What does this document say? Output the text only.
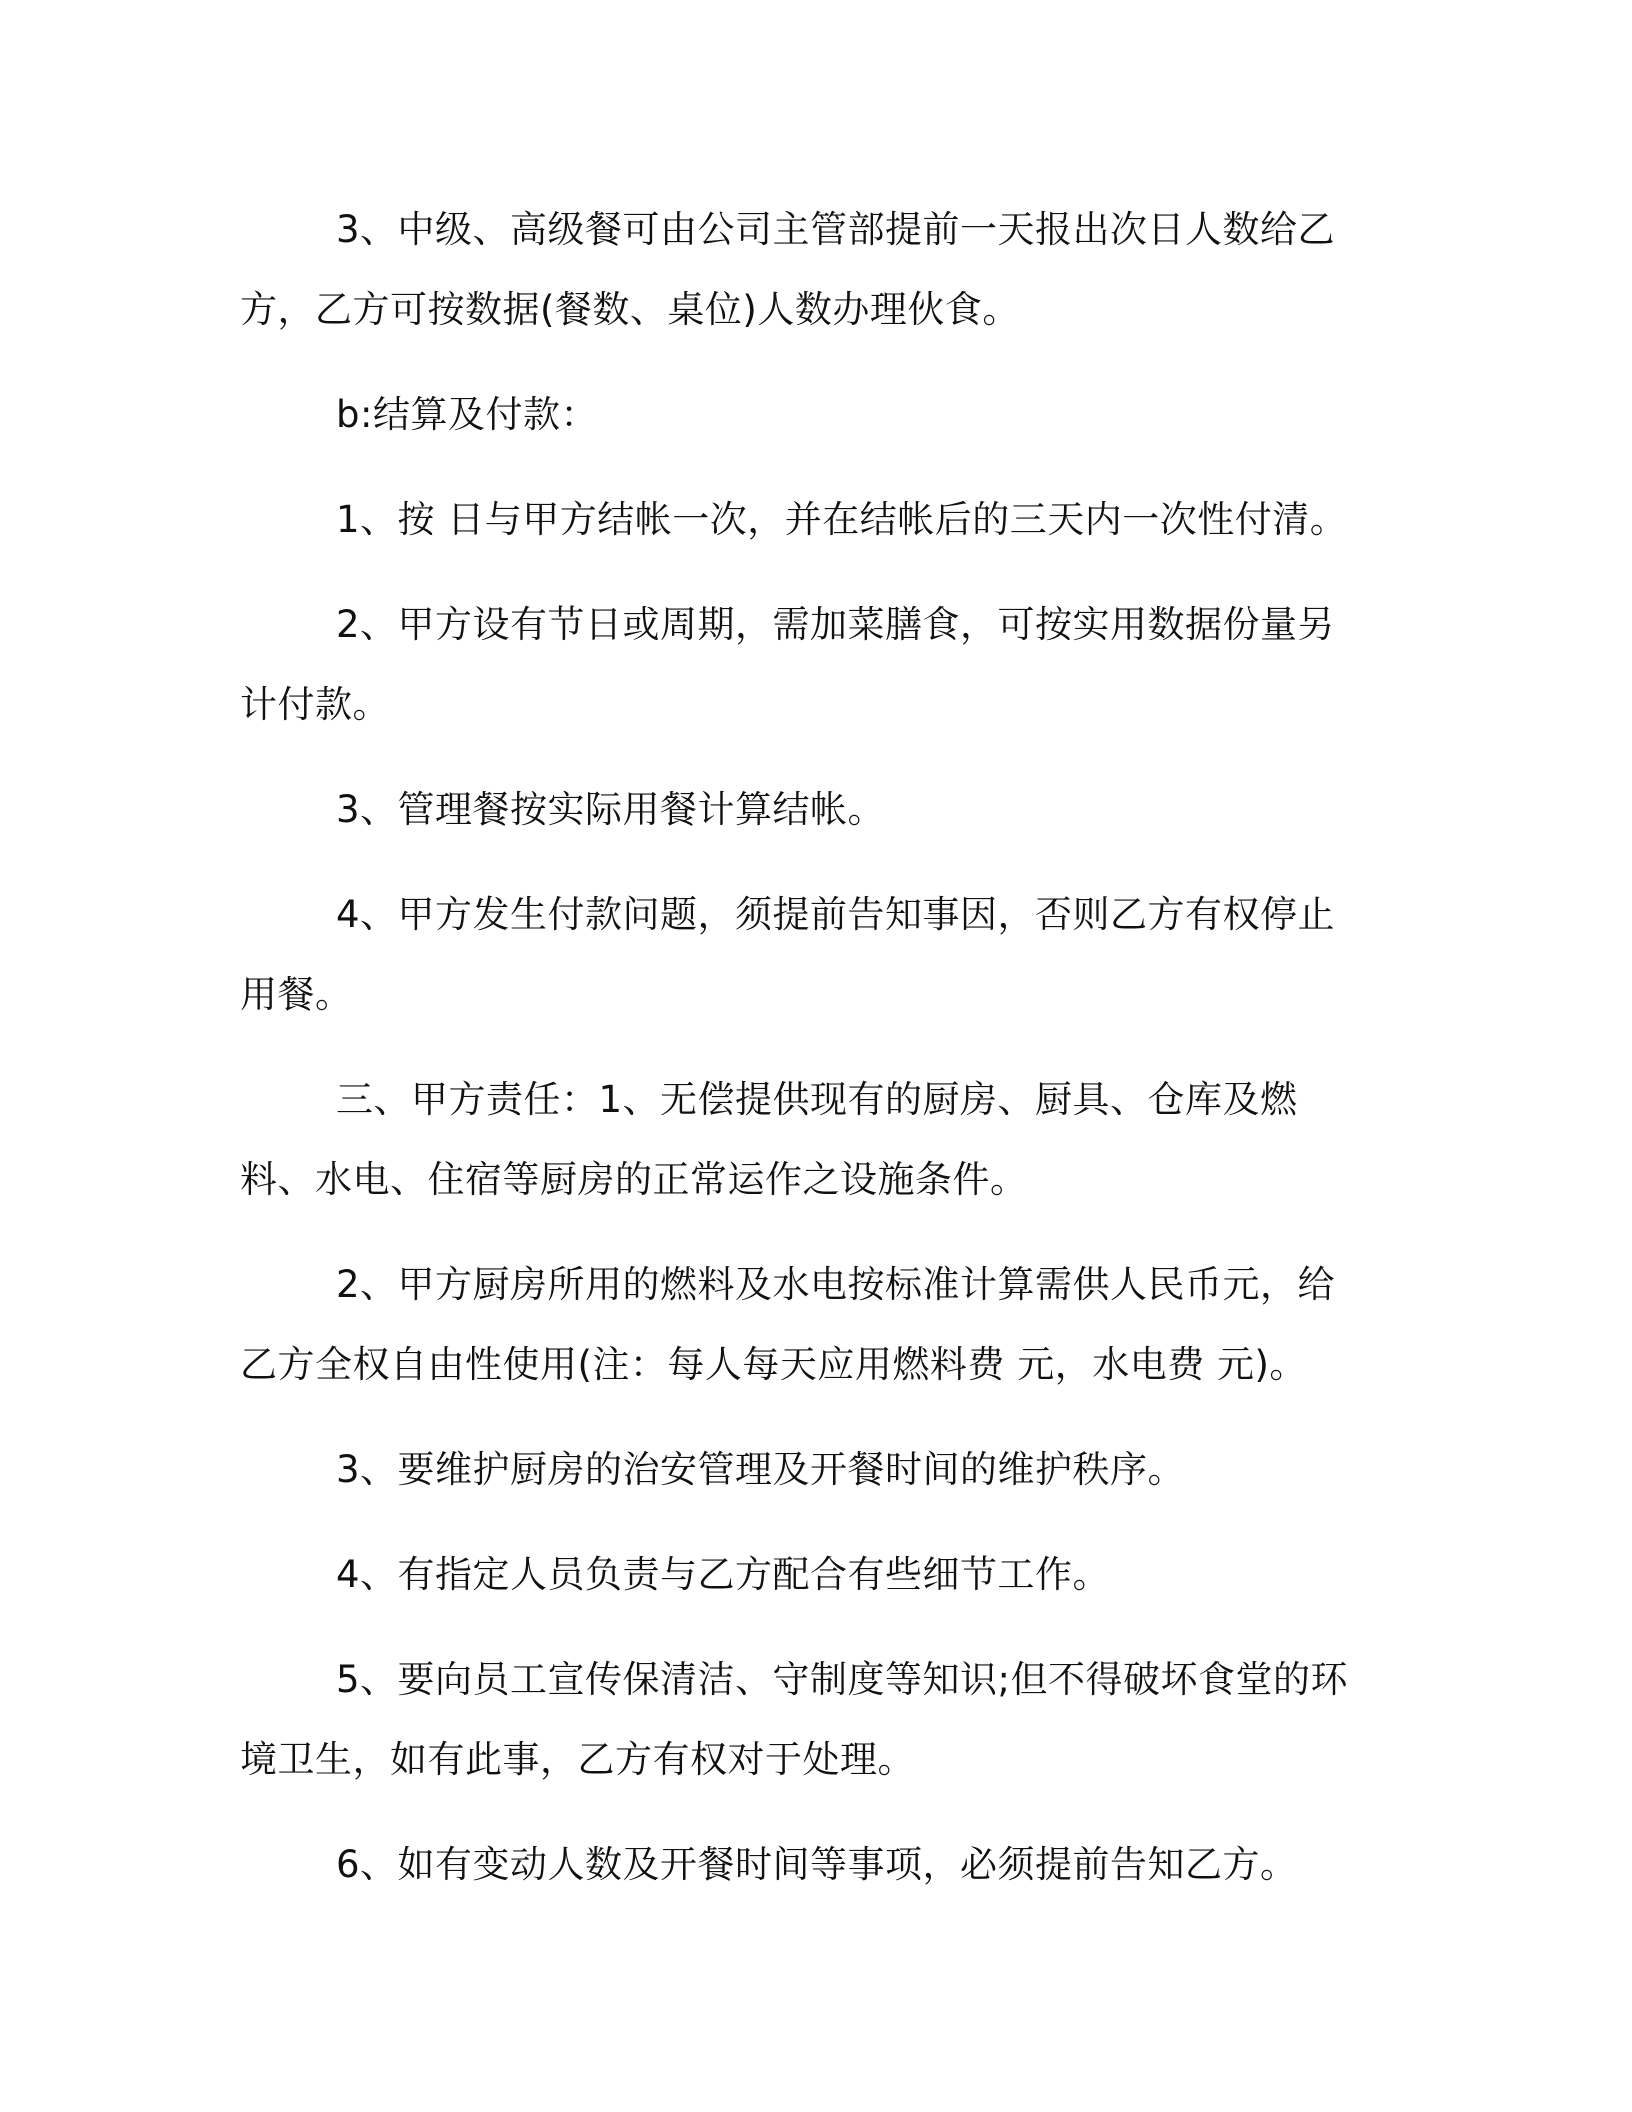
3、中级、高级餐可由公司主管部提前一天报出次日人数给乙方，乙方可按数据(餐数、桌位)人数办理伙食。

b:结算及付款：

1、按 日与甲方结帐一次，并在结帐后的三天内一次性付清。

2、甲方设有节日或周期，需加菜膳食，可按实用数据份量另计付款。

3、管理餐按实际用餐计算结帐。

4、甲方发生付款问题，须提前告知事因，否则乙方有权停止用餐。

三、甲方责任：1、无偿提供现有的厨房、厨具、仓库及燃料、水电、住宿等厨房的正常运作之设施条件。

2、甲方厨房所用的燃料及水电按标准计算需供人民币元，给乙方全权自由性使用(注：每人每天应用燃料费 元，水电费 元)。

3、要维护厨房的治安管理及开餐时间的维护秩序。

4、有指定人员负责与乙方配合有些细节工作。

5、要向员工宣传保清洁、守制度等知识;但不得破坏食堂的环境卫生，如有此事，乙方有权对于处理。

6、如有变动人数及开餐时间等事项，必须提前告知乙方。
